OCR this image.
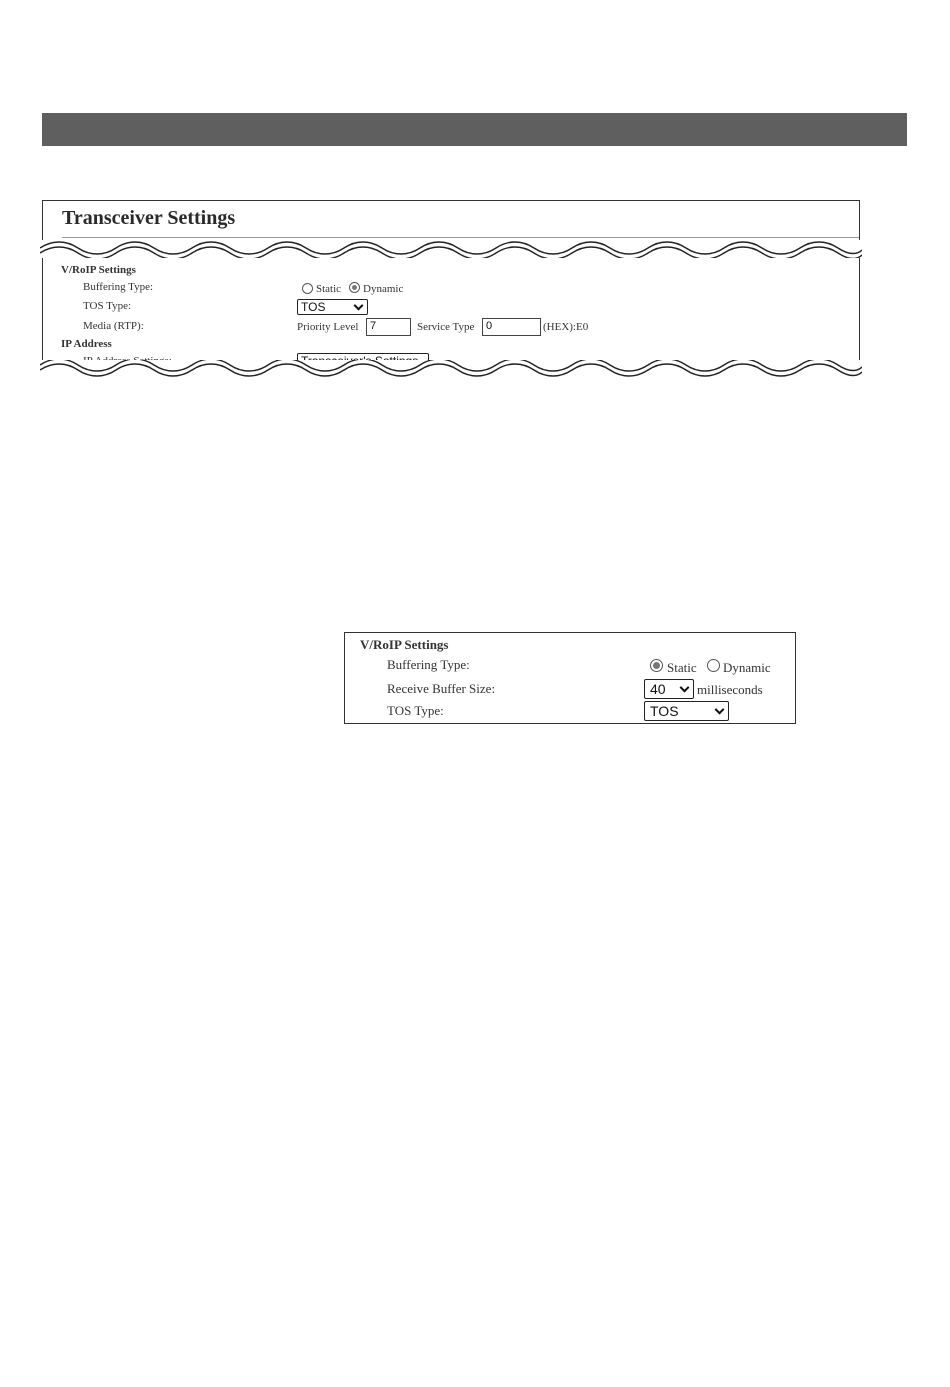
Transceiver Settings
V/RoIP Settings
Buffering Type:	Static Dynamic
TOS Type:	TOS
Media (RTP):	Priority Level	7	Service Type	0	(HEX):E0
IP Address
V/RoIP Settings
Buffering Type:	Static Dynamic
Receive Buffer Size:	40 milliseconds
TOS Type:	TOS
